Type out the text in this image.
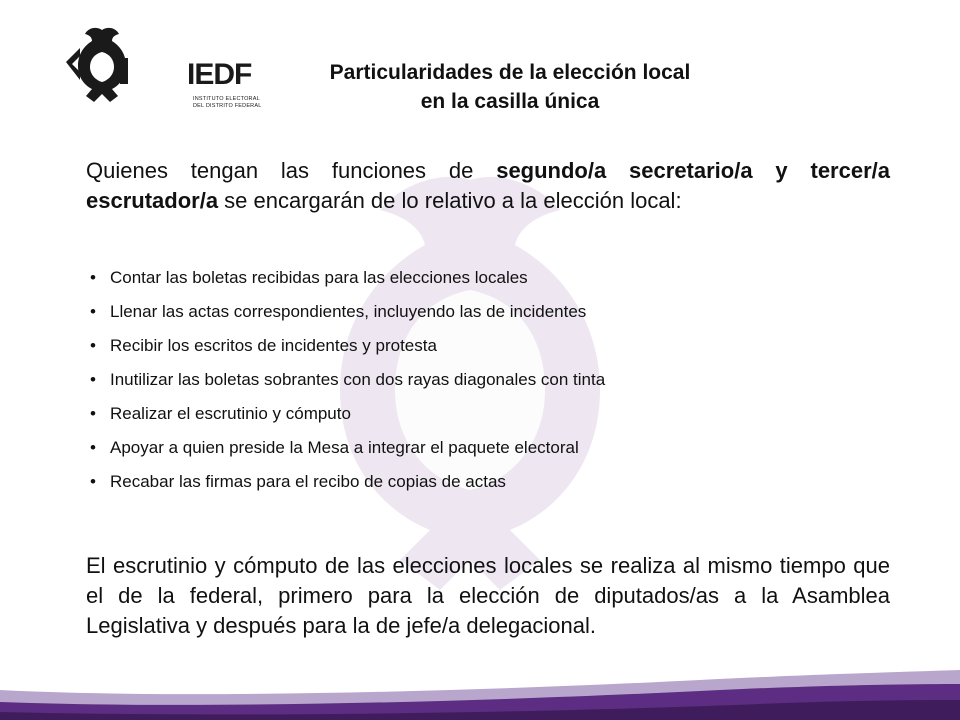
IEDF
INSTITUTO ELECTORAL
DEL DISTRITO FEDERAL
Particularidades de la elección local
en la casilla única
Quienes tengan las funciones de segundo/a secretario/a y tercer/a escrutador/a se encargarán de lo relativo a la elección local:
• Contar las boletas recibidas para las elecciones locales
• Llenar las actas correspondientes, incluyendo las de incidentes
• Recibir los escritos de incidentes y protesta
• Inutilizar las boletas sobrantes con dos rayas diagonales con tinta
• Realizar el escrutinio y cómputo
• Apoyar a quien preside la Mesa a integrar el paquete electoral
• Recabar las firmas para el recibo de copias de actas
El escrutinio y cómputo de las elecciones locales se realiza al mismo tiempo que el de la federal, primero para la elección de diputados/as a la Asamblea Legislativa y después para la de jefe/a delegacional.
